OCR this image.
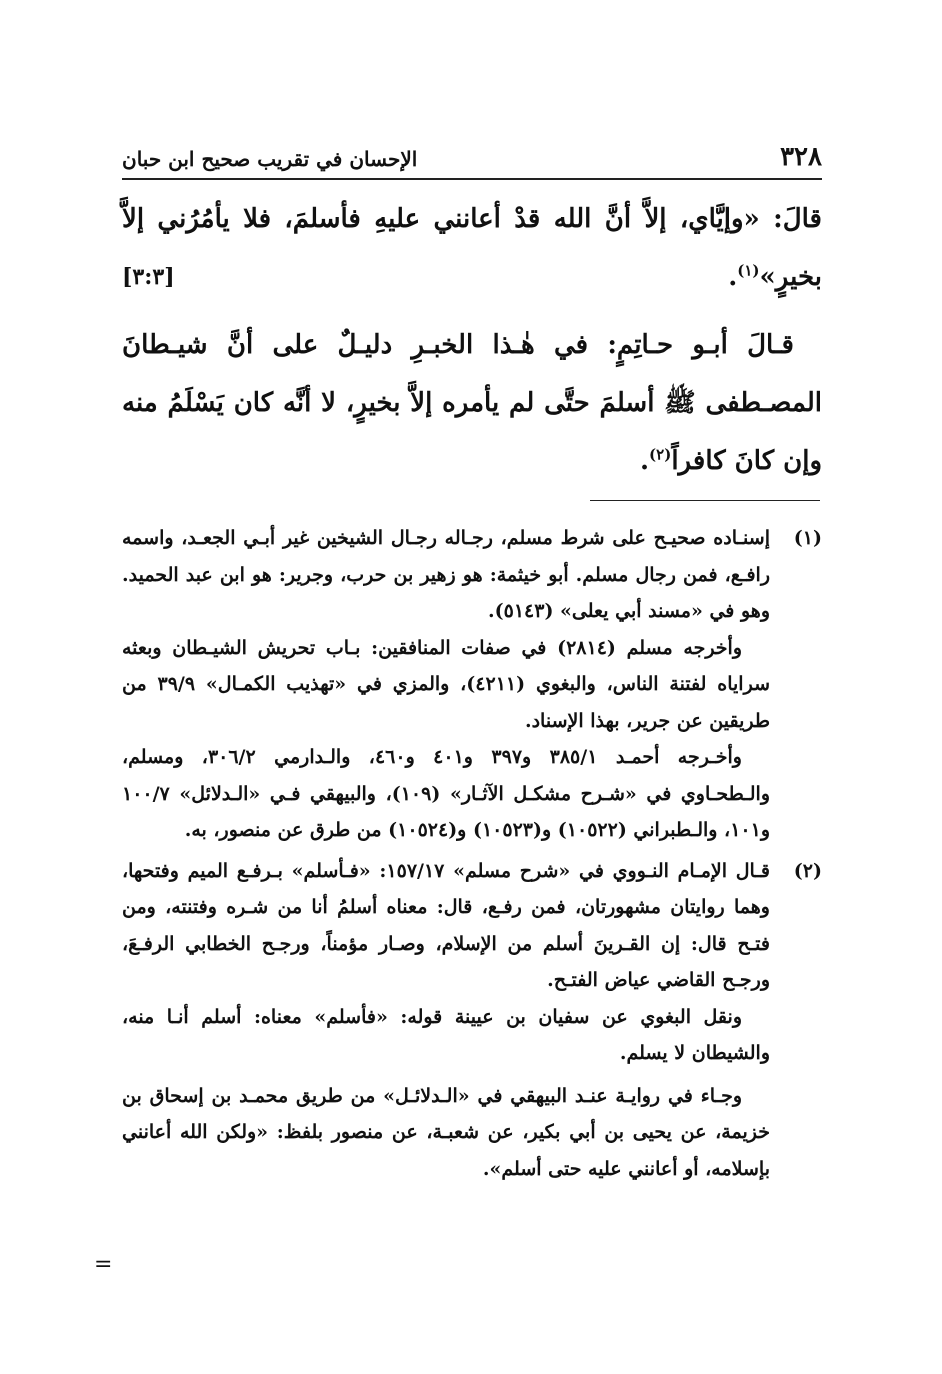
٣٢٨
الإحسان في تقريب صحيح ابن حبان

قالَ: «وإيَّاي، إلاَّ أنَّ الله قدْ أعانني عليهِ فأسلمَ، فلا يأمُرُني إلاَّ بخيرٍ»$^{(١)}$.
[٣:٣]

قـالَ أبـو حـاتِمٍ: في هٰـذا الخبـرِ دليـلٌ على أنَّ شيـطانَ المصـطفى ﷺ أسلمَ حتَّى لم يأمره إلاَّ بخيرٍ، لا أنَّه كان يَسْلَمُ منه وإن كانَ كافراً$^{(٢)}$.

(١)

إسنـاده صحيـح على شرط مسلم، رجـاله رجـال الشيخين غير أبـي الجعـد، واسمه رافـع، فمن رجال مسلم. أبو خيثمة: هو زهير بن حرب، وجرير: هو ابن عبد الحميد. وهو في «مسند أبي يعلى» (٥١٤٣).

وأخرجه مسلم (٢٨١٤) في صفات المنافقين: بـاب تحريش الشيـطان وبعثه سراياه لفتنة الناس، والبغوي (٤٢١١)، والمزي في «تهذيب الكمـال» ٣٩/٩ من طريقين عن جرير، بهذا الإسناد.

وأخـرجه أحمـد ٣٨٥/١ و٣٩٧ و٤٠١ و٤٦٠، والـدارمي ٣٠٦/٢، ومسلم، والـطحـاوي في «شـرح مشكـل الآثـار» (١٠٩)، والبيهقي فـي «الـدلائل» ١٠٠/٧ و١٠١، والـطبراني (١٠٥٢٢) و(١٠٥٢٣) و(١٠٥٢٤) من طرق عن منصور، به.

(٢)

قـال الإمـام النـووي في «شرح مسلم» ١٥٧/١٧: «فـأسلم» بـرفـع الميم وفتحها، وهما روايتان مشهورتان، فمن رفـع، قال: معناه أسلمُ أنا من شـره وفتنته، ومن فتـح قال: إن القـرينَ أسلم من الإسلام، وصـار مؤمناً، ورجـح الخطابي الرفـعَ، ورجـح القاضي عياض الفتـح.

ونقل البغوي عن سفيان بن عيينة قوله: «فأسلم» معناه: أسلم أنـا منه، والشيطان لا يسلم.

وجـاء في روايـة عنـد البيهقي في «الـدلائـل» من طريق محمـد بن إسحاق بن خزيمة، عن يحيى بن أبي بكير، عن شعبـة، عن منصور بلفظ: «ولكن الله أعانني بإسلامه، أو أعانني عليه حتى أسلم».

=
